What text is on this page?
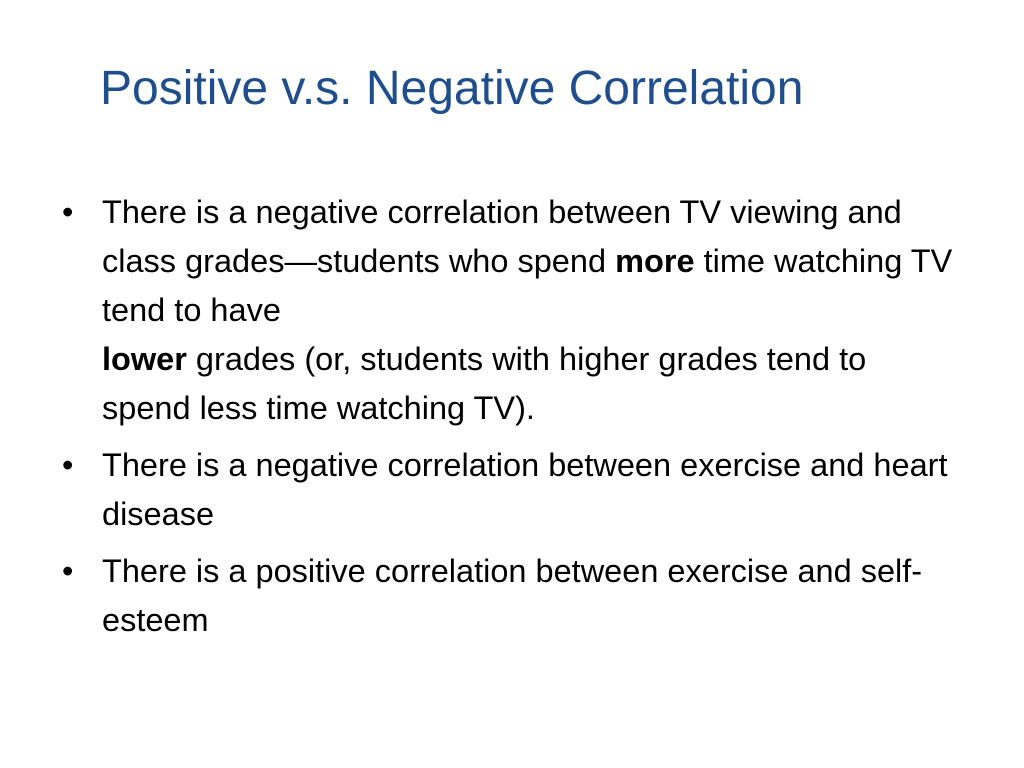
Positive v.s. Negative Correlation
• There is a negative correlation between TV viewing and class grades—students who spend more time watching TV tend to have
lower grades (or, students with higher grades tend to spend less time watching TV).
• There is a negative correlation between exercise and heart disease
• There is a positive correlation between exercise and self-esteem
